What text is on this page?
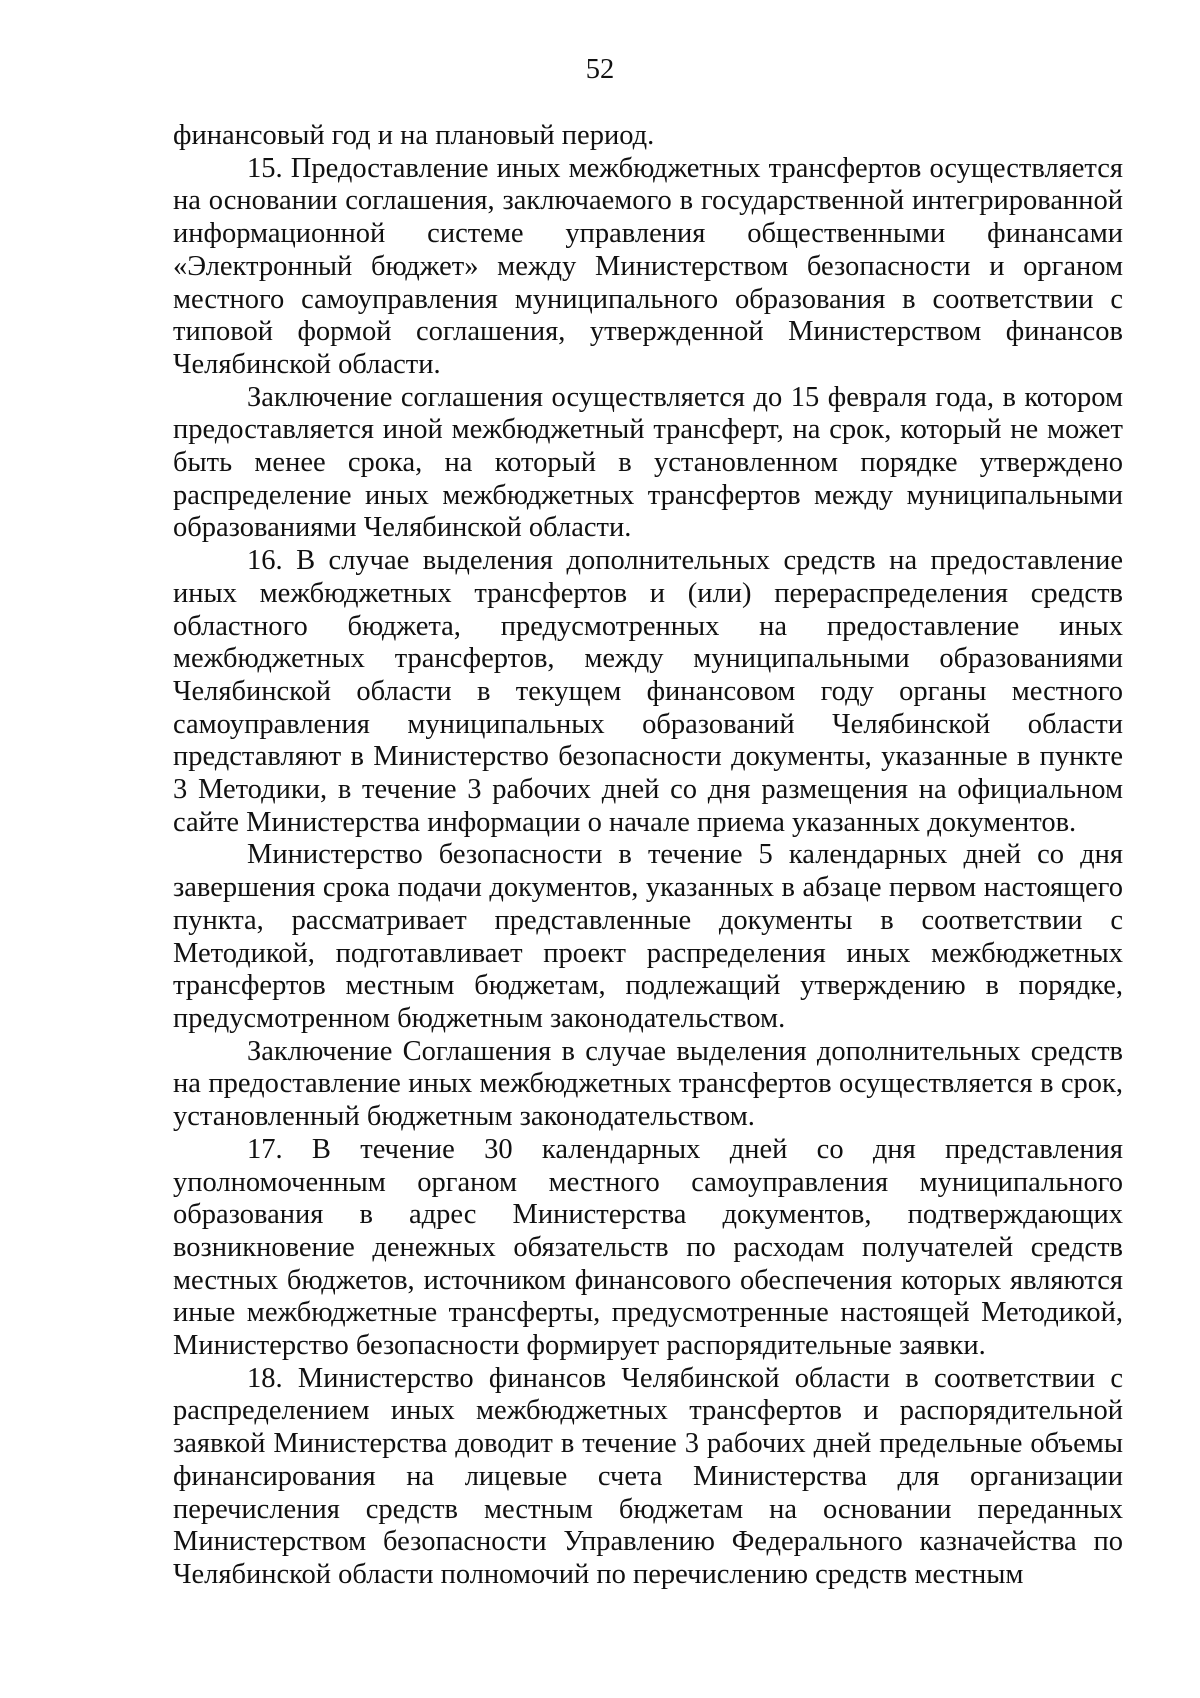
52

финансовый год и на плановый период.

15. Предоставление иных межбюджетных трансфертов осуществляется на основании соглашения, заключаемого в государственной интегрированной информационной системе управления общественными финансами «Электронный бюджет» между Министерством безопасности и органом местного самоуправления муниципального образования в соответствии с типовой формой соглашения, утвержденной Министерством финансов Челябинской области.

Заключение соглашения осуществляется до 15 февраля года, в котором предоставляется иной межбюджетный трансферт, на срок, который не может быть менее срока, на который в установленном порядке утверждено распределение иных межбюджетных трансфертов между муниципальными образованиями Челябинской области.

16. В случае выделения дополнительных средств на предоставление иных межбюджетных трансфертов и (или) перераспределения средств областного бюджета, предусмотренных на предоставление иных межбюджетных трансфертов, между муниципальными образованиями Челябинской области в текущем финансовом году органы местного самоуправления муниципальных образований Челябинской области представляют в Министерство безопасности документы, указанные в пункте 3 Методики, в течение 3 рабочих дней со дня размещения на официальном сайте Министерства информации о начале приема указанных документов.

Министерство безопасности в течение 5 календарных дней со дня завершения срока подачи документов, указанных в абзаце первом настоящего пункта, рассматривает представленные документы в соответствии с Методикой, подготавливает проект распределения иных межбюджетных трансфертов местным бюджетам, подлежащий утверждению в порядке, предусмотренном бюджетным законодательством.

Заключение Соглашения в случае выделения дополнительных средств на предоставление иных межбюджетных трансфертов осуществляется в срок, установленный бюджетным законодательством.

17. В течение 30 календарных дней со дня представления уполномоченным органом местного самоуправления муниципального образования в адрес Министерства документов, подтверждающих возникновение денежных обязательств по расходам получателей средств местных бюджетов, источником финансового обеспечения которых являются иные межбюджетные трансферты, предусмотренные настоящей Методикой, Министерство безопасности формирует распорядительные заявки.

18. Министерство финансов Челябинской области в соответствии с распределением иных межбюджетных трансфертов и распорядительной заявкой Министерства доводит в течение 3 рабочих дней предельные объемы финансирования на лицевые счета Министерства для организации перечисления средств местным бюджетам на основании переданных Министерством безопасности Управлению Федерального казначейства по Челябинской области полномочий по перечислению средств местным
